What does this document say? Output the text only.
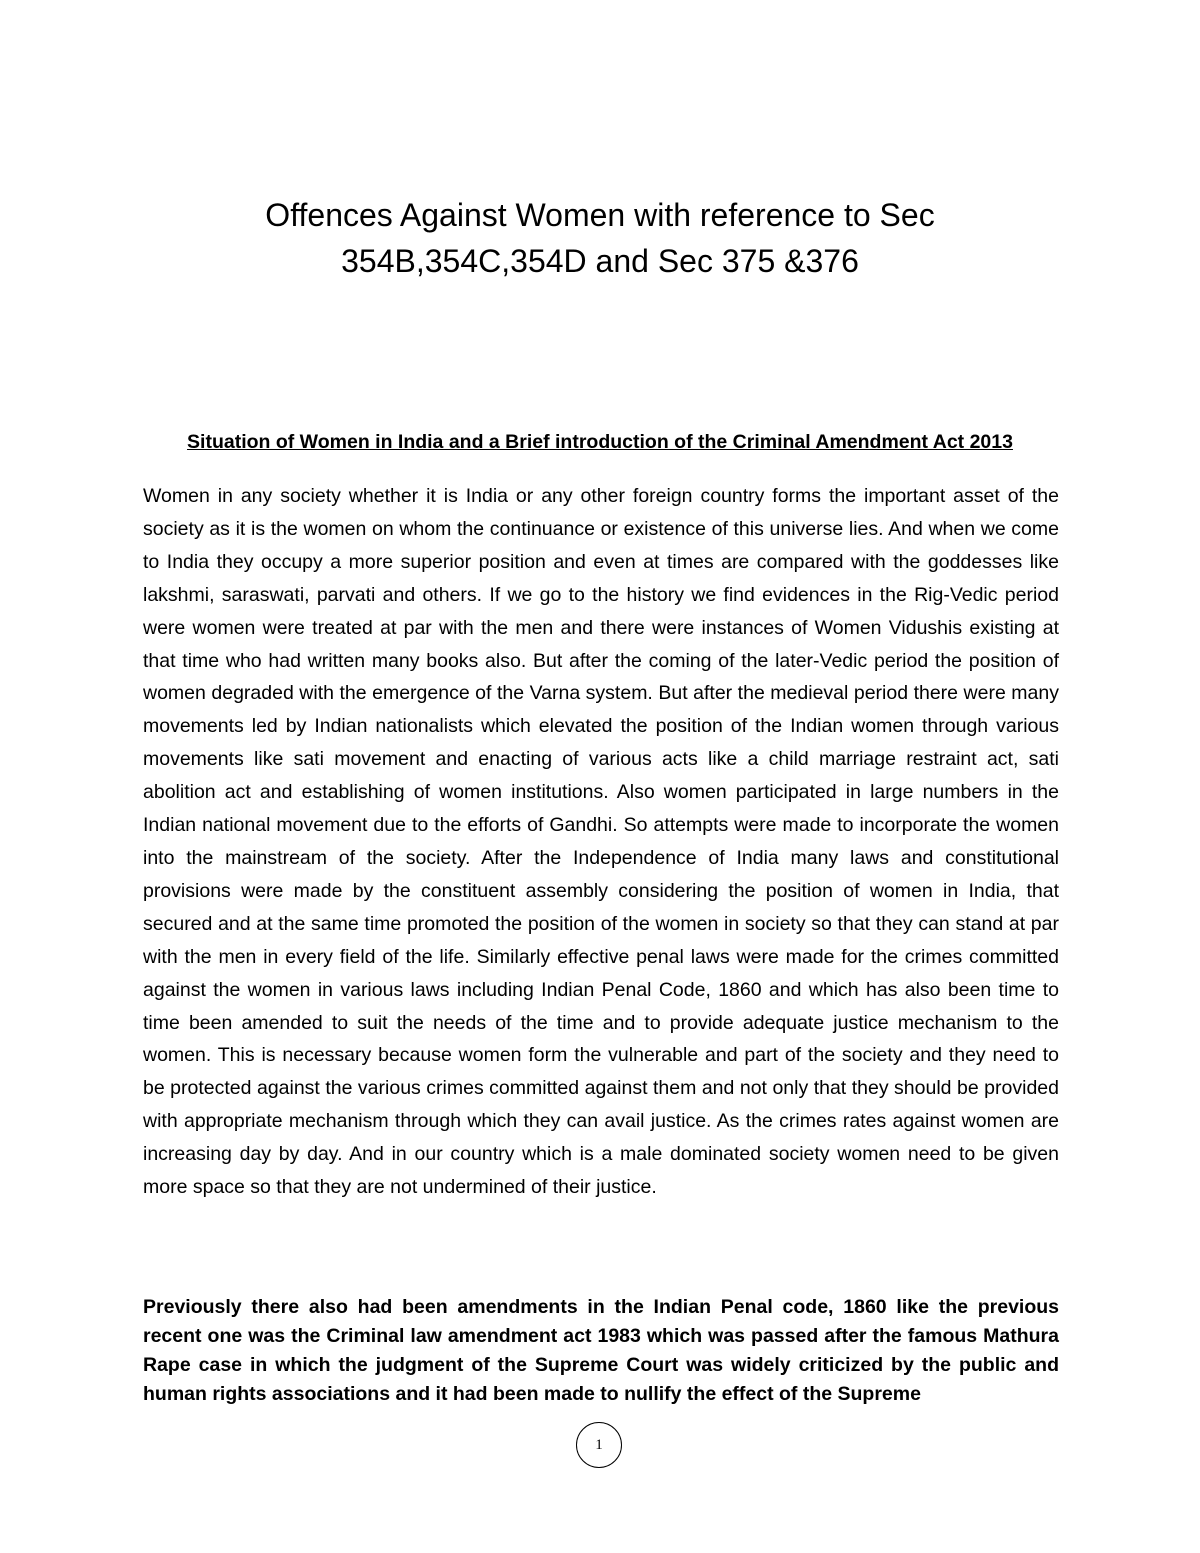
Offences Against Women with reference to Sec
354B,354C,354D and Sec 375 &376
Situation of Women in India and a Brief introduction of the Criminal Amendment Act 2013

Women in any society whether it is India or any other foreign country forms the important asset of the society as it is the women on whom the continuance or existence of this universe lies. And when we come to India they occupy a more superior position and even at times are compared with the goddesses like lakshmi, saraswati, parvati and others. If we go to the history we find evidences in the Rig-Vedic period were women were treated at par with the men and there were instances of Women Vidushis existing at that time who had written many books also. But after the coming of the later-Vedic period the position of women degraded with the emergence of the Varna system. But after the medieval period there were many movements led by Indian nationalists which elevated the position of the Indian women through various movements like sati movement and enacting of various acts like a child marriage restraint act, sati abolition act and establishing of women institutions. Also women participated in large numbers in the Indian national movement due to the efforts of Gandhi. So attempts were made to incorporate the women into the mainstream of the society. After the Independence of India many laws and constitutional provisions were made by the constituent assembly considering the position of women in India, that secured and at the same time promoted the position of the women in society so that they can stand at par with the men in every field of the life. Similarly effective penal laws were made for the crimes committed against the women in various laws including Indian Penal Code, 1860 and which has also been time to time been amended to suit the needs of the time and to provide adequate justice mechanism to the women. This is necessary because women form the vulnerable and part of the society and they need to be protected against the various crimes committed against them and not only that they should be provided with appropriate mechanism through which they can avail justice. As the crimes rates against women are increasing day by day. And in our country which is a male dominated society women need to be given more space so that they are not undermined of their justice.

Previously there also had been amendments in the Indian Penal code, 1860 like the previous recent one was the Criminal law amendment act 1983 which was passed after the famous Mathura Rape case in which the judgment of the Supreme Court was widely criticized by the public and human rights associations and it had been made to nullify the effect of the Supreme

1
